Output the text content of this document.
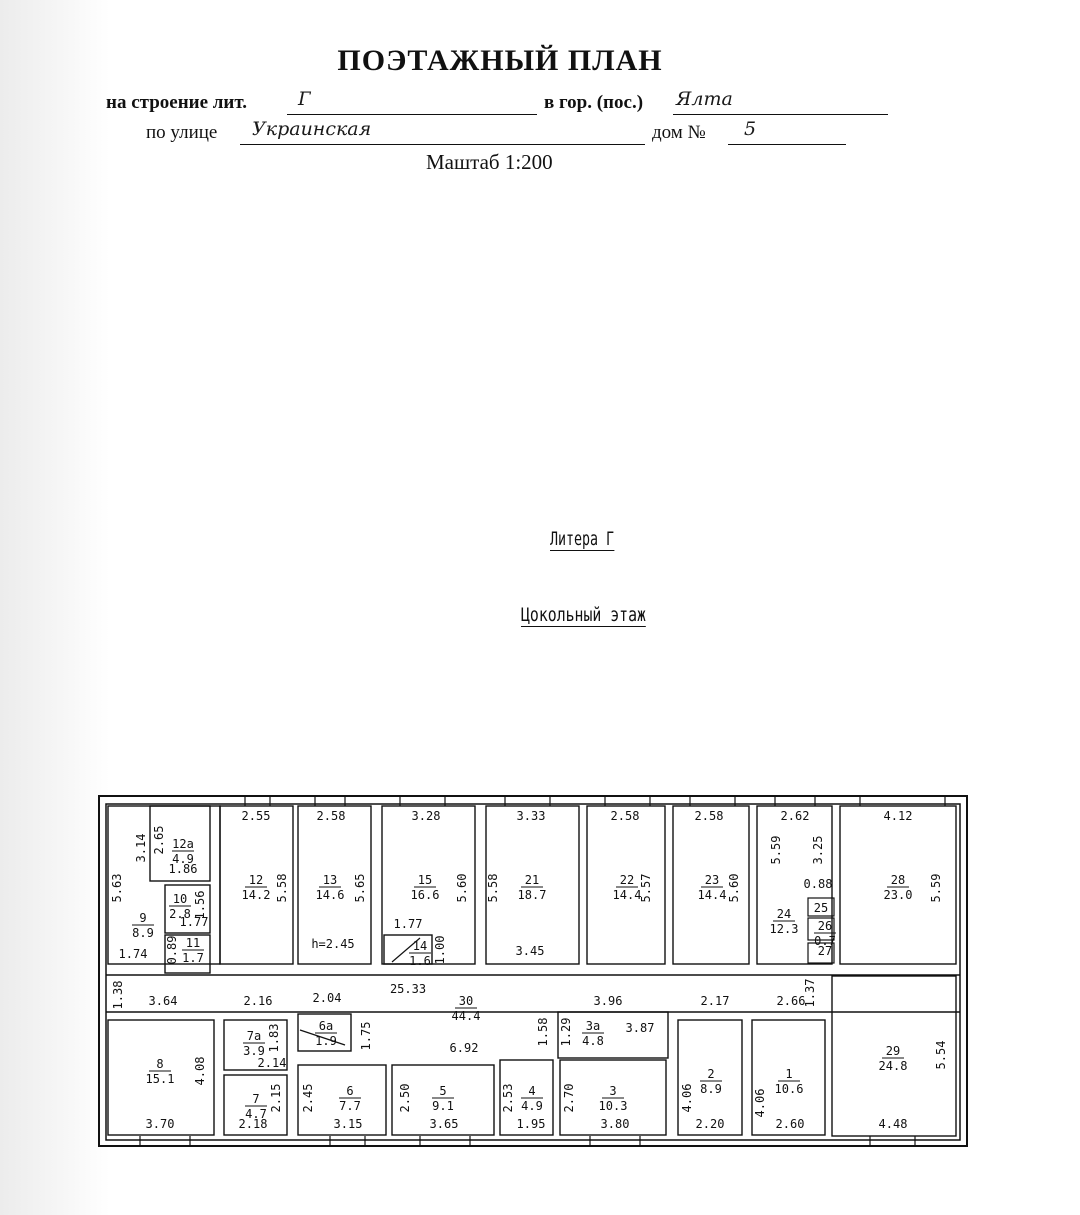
ПОЭТАЖНЫЙ ПЛАН
на строение лит.	Г	в гор. (пос.) Ялта
по улице Украинская	дом № 5
Маштаб 1:200
Литера Г
Цокольный этаж
12a
4.9
10
2.8
9
8.9
11
1.7
12
14.2
13
14.6
15
16.6
14
1.6
21
18.7
22
14.4
23
14.4
24
12.3
25
26
0.7
27
28
23.0
30
44.4
8
15.1
7a
3.9
6a
1.9
7
4.7
6
7.7
5
9.1
4
4.9
3a
4.8
3
10.3
2
8.9
1
10.6
29
24.8
2.65
3.14
1.86
5.63
1.56
1.77
1.74 0.89
2.55
5.58
2.58
5.65
h=2.45
3.28
5.60
1.77
1.00
3.33
5.58
3.45
2.58
5.57
2.58
5.60
2.62
5.59 3.25
0.88
4.12
5.59
25.33
1.38 3.64	2.16	2.04	3.96	2.17	2.66
1.37
1.83
2.14
1.75	6.92
1.58 1.29	3.87
4.08
5.54
3.70
2.15
2.18
2.45
3.15
2.50
3.65
2.53
1.95
2.70
3.80
4.06
2.20
4.06
2.60	4.48
